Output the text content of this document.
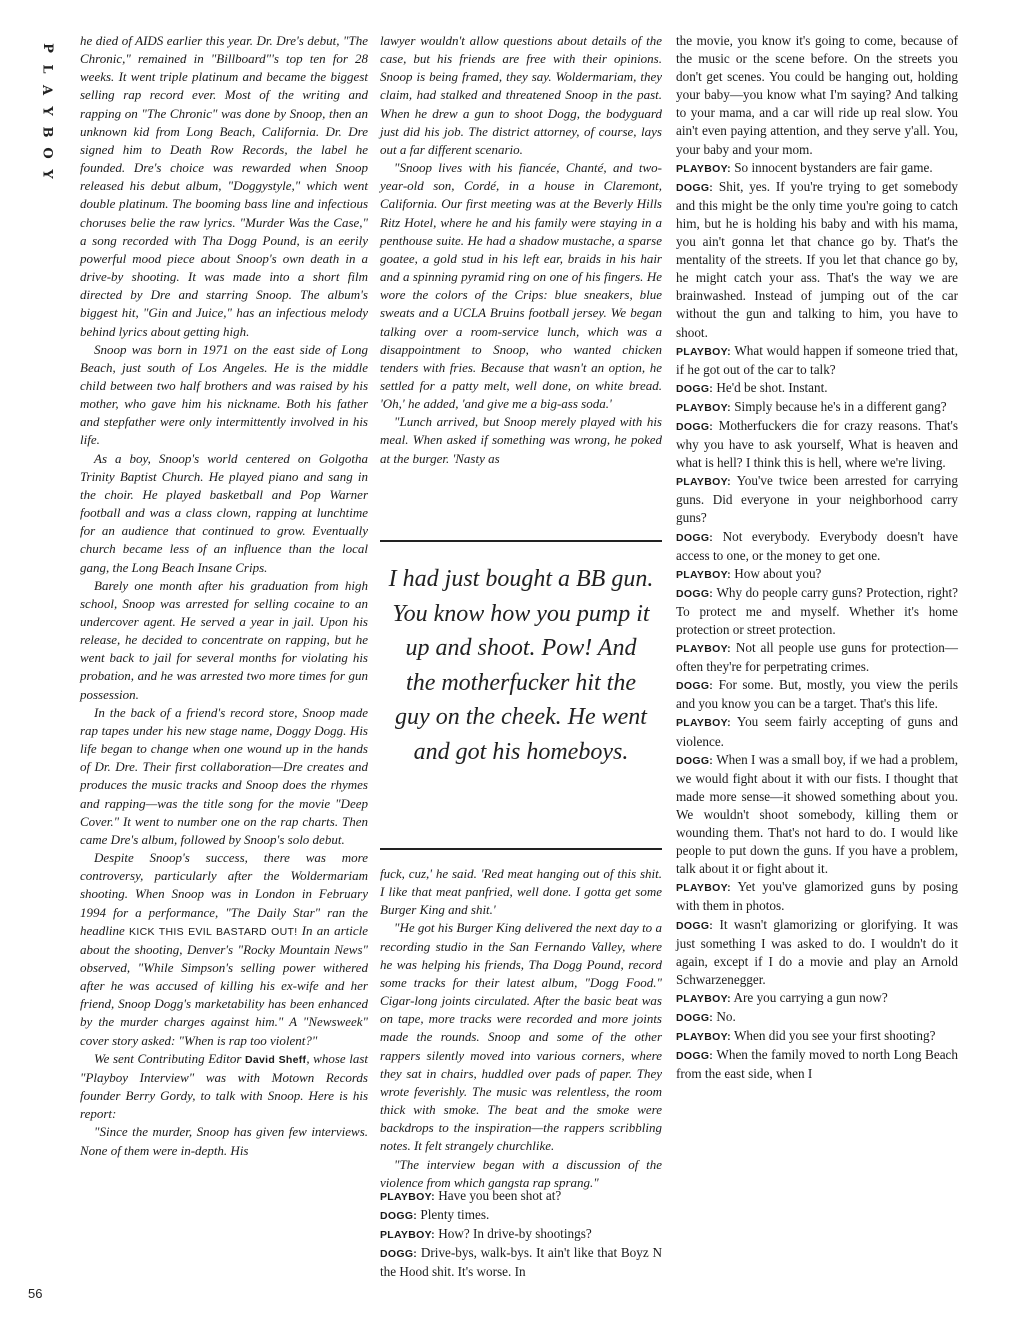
P
L
A
Y
B
O
Y
56

he died of AIDS earlier this year. Dr. Dre's debut, "The Chronic," remained in "Billboard"'s top ten for 28 weeks. It went triple platinum and became the biggest selling rap record ever. Most of the writing and rapping on "The Chronic" was done by Snoop, then an unknown kid from Long Beach, California. Dr. Dre signed him to Death Row Records, the label he founded. Dre's choice was rewarded when Snoop released his debut album, "Doggystyle," which went double platinum. The booming bass line and infectious choruses belie the raw lyrics. "Murder Was the Case," a song recorded with Tha Dogg Pound, is an eerily powerful mood piece about Snoop's own death in a drive-by shooting. It was made into a short film directed by Dre and starring Snoop. The album's biggest hit, "Gin and Juice," has an infectious melody behind lyrics about getting high.

Snoop was born in 1971 on the east side of Long Beach, just south of Los Angeles. He is the middle child between two half brothers and was raised by his mother, who gave him his nickname. Both his father and stepfather were only intermittently involved in his life.

As a boy, Snoop's world centered on Golgotha Trinity Baptist Church. He played piano and sang in the choir. He played basketball and Pop Warner football and was a class clown, rapping at lunchtime for an audience that continued to grow. Eventually church became less of an influence than the local gang, the Long Beach Insane Crips.

Barely one month after his graduation from high school, Snoop was arrested for selling cocaine to an undercover agent. He served a year in jail. Upon his release, he decided to concentrate on rapping, but he went back to jail for several months for violating his probation, and he was arrested two more times for gun possession.

In the back of a friend's record store, Snoop made rap tapes under his new stage name, Doggy Dogg. His life began to change when one wound up in the hands of Dr. Dre. Their first collaboration—Dre creates and produces the music tracks and Snoop does the rhymes and rapping—was the title song for the movie "Deep Cover." It went to number one on the rap charts. Then came Dre's album, followed by Snoop's solo debut.

Despite Snoop's success, there was more controversy, particularly after the Woldermariam shooting. When Snoop was in London in February 1994 for a performance, "The Daily Star" ran the headline KICK THIS EVIL BASTARD OUT! In an article about the shooting, Denver's "Rocky Mountain News" observed, "While Simpson's selling power withered after he was accused of killing his ex-wife and her friend, Snoop Dogg's marketability has been enhanced by the murder charges against him." A "Newsweek" cover story asked: "When is rap too violent?"

We sent Contributing Editor David Sheff, whose last "Playboy Interview" was with Motown Records founder Berry Gordy, to talk with Snoop. Here is his report:

"Since the murder, Snoop has given few interviews. None of them were in-depth. His

lawyer wouldn't allow questions about details of the case, but his friends are free with their opinions. Snoop is being framed, they say. Woldermariam, they claim, had stalked and threatened Snoop in the past. When he drew a gun to shoot Dogg, the bodyguard just did his job. The district attorney, of course, lays out a far different scenario.

"Snoop lives with his fiancée, Chanté, and two-year-old son, Cordé, in a house in Claremont, California. Our first meeting was at the Beverly Hills Ritz Hotel, where he and his family were staying in a penthouse suite. He had a shadow mustache, a sparse goatee, a gold stud in his left ear, braids in his hair and a spinning pyramid ring on one of his fingers. He wore the colors of the Crips: blue sneakers, blue sweats and a UCLA Bruins football jersey. We began talking over a room-service lunch, which was a disappointment to Snoop, who wanted chicken tenders with fries. Because that wasn't an option, he settled for a patty melt, well done, on white bread. 'Oh,' he added, 'and give me a big-ass soda.'

"Lunch arrived, but Snoop merely played with his meal. When asked if something was wrong, he poked at the burger. 'Nasty as

I had just bought a BB gun. You know how you pump it up and shoot. Pow! And the motherfucker hit the guy on the cheek. He went and got his homeboys.

fuck, cuz,' he said. 'Red meat hanging out of this shit. I like that meat panfried, well done. I gotta get some Burger King and shit.'

"He got his Burger King delivered the next day to a recording studio in the San Fernando Valley, where he was helping his friends, Tha Dogg Pound, record some tracks for their latest album, "Dogg Food." Cigar-long joints circulated. After the basic beat was on tape, more tracks were recorded and more joints made the rounds. Snoop and some of the other rappers silently moved into various corners, where they sat in chairs, huddled over pads of paper. They wrote feverishly. The music was relentless, the room thick with smoke. The beat and the smoke were backdrops to the inspiration—the rappers scribbling notes. It felt strangely churchlike.

"The interview began with a discussion of the violence from which gangsta rap sprang."

PLAYBOY: Have you been shot at?

DOGG: Plenty times.

PLAYBOY: How? In drive-by shootings?

DOGG: Drive-bys, walk-bys. It ain't like that Boyz N the Hood shit. It's worse. In

the movie, you know it's going to come, because of the music or the scene before. On the streets you don't get scenes. You could be hanging out, holding your baby—you know what I'm saying? And talking to your mama, and a car will ride up real slow. You ain't even paying attention, and they serve y'all. You, your baby and your mom.

PLAYBOY: So innocent bystanders are fair game.

DOGG: Shit, yes. If you're trying to get somebody and this might be the only time you're going to catch him, but he is holding his baby and with his mama, you ain't gonna let that chance go by. That's the mentality of the streets. If you let that chance go by, he might catch your ass. That's the way we are brainwashed. Instead of jumping out of the car without the gun and talking to him, you have to shoot.

PLAYBOY: What would happen if someone tried that, if he got out of the car to talk?

DOGG: He'd be shot. Instant.

PLAYBOY: Simply because he's in a different gang?

DOGG: Motherfuckers die for crazy reasons. That's why you have to ask yourself, What is heaven and what is hell? I think this is hell, where we're living.

PLAYBOY: You've twice been arrested for carrying guns. Did everyone in your neighborhood carry guns?

DOGG: Not everybody. Everybody doesn't have access to one, or the money to get one.

PLAYBOY: How about you?

DOGG: Why do people carry guns? Protection, right? To protect me and myself. Whether it's home protection or street protection.

PLAYBOY: Not all people use guns for protection—often they're for perpetrating crimes.

DOGG: For some. But, mostly, you view the perils and you know you can be a target. That's this life.

PLAYBOY: You seem fairly accepting of guns and violence.

DOGG: When I was a small boy, if we had a problem, we would fight about it with our fists. I thought that made more sense—it showed something about you. We wouldn't shoot somebody, killing them or wounding them. That's not hard to do. I would like people to put down the guns. If you have a problem, talk about it or fight about it.

PLAYBOY: Yet you've glamorized guns by posing with them in photos.

DOGG: It wasn't glamorizing or glorifying. It was just something I was asked to do. I wouldn't do it again, except if I do a movie and play an Arnold Schwarzenegger.

PLAYBOY: Are you carrying a gun now?

DOGG: No.

PLAYBOY: When did you see your first shooting?

DOGG: When the family moved to north Long Beach from the east side, when I
